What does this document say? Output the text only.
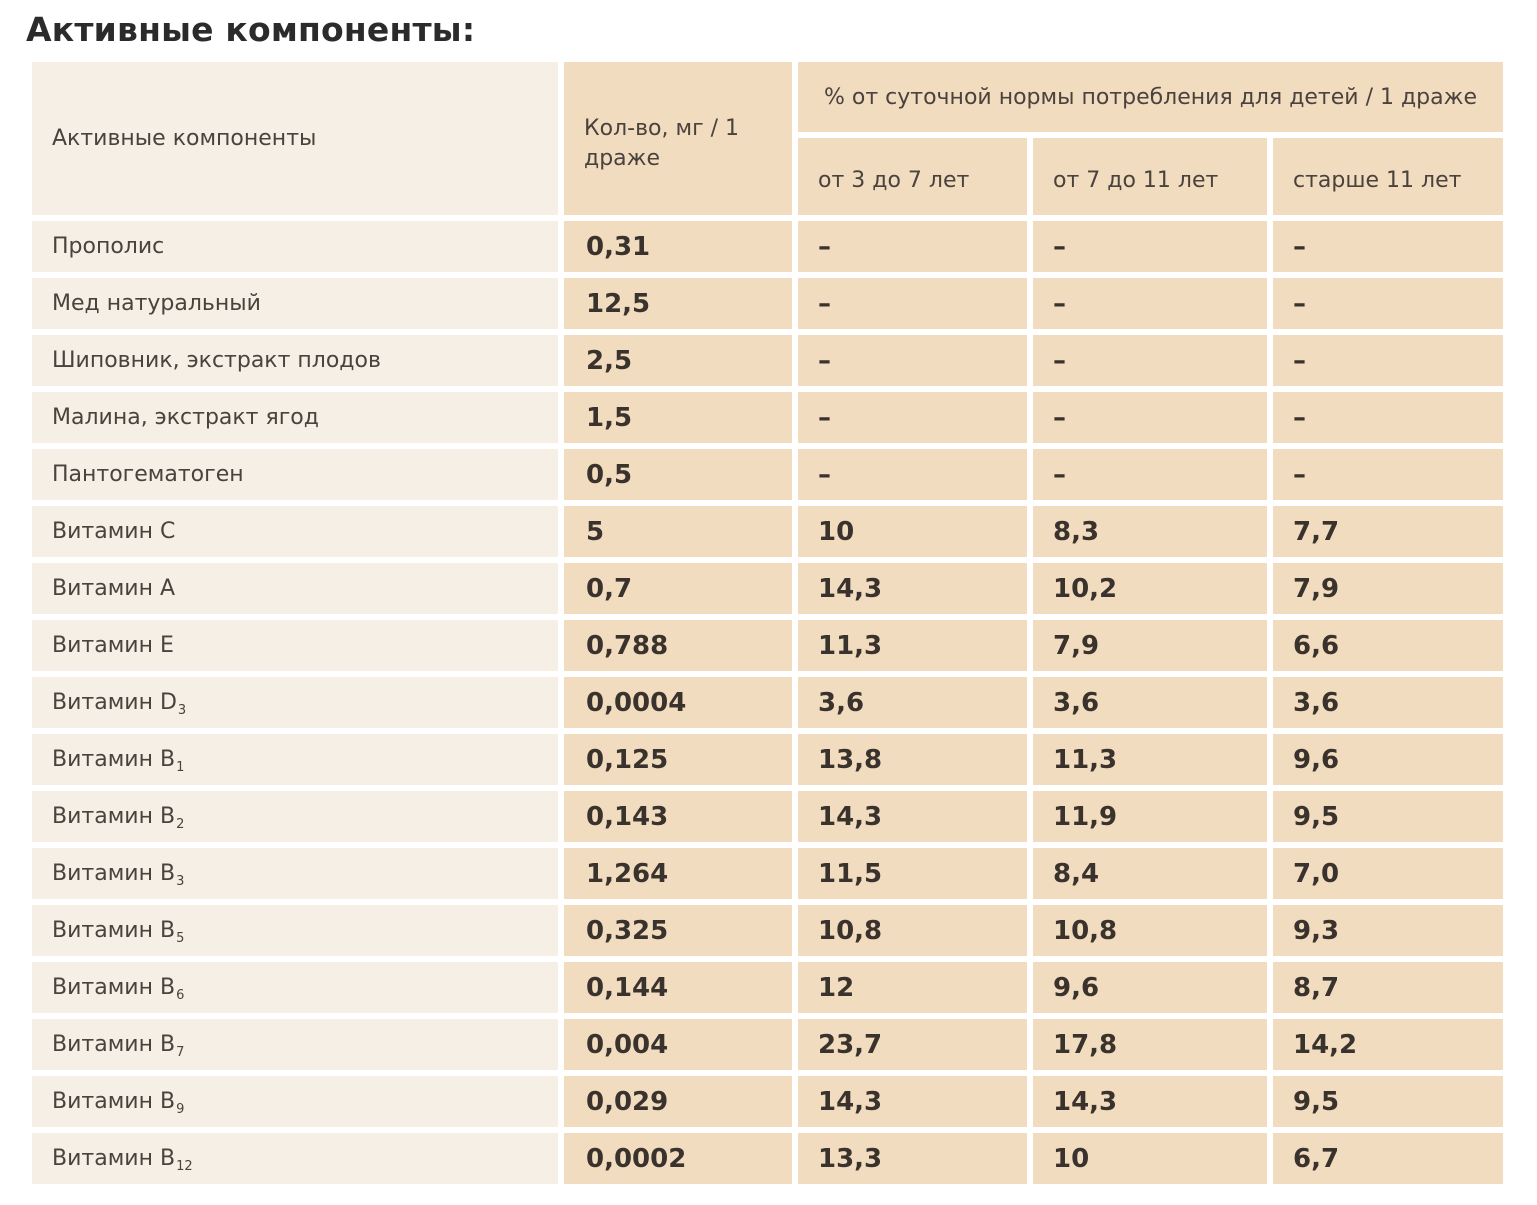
Активные компоненты:
Активные компоненты	Кол-во, мг / 1 драже
% от суточной нормы потребления для детей / 1 драже
от 3 до 7 лет	от 7 до 11 лет	старше 11 лет
Прополис	0,31	–	–	–
Мед натуральный	12,5	–	–	–
Шиповник, экстракт плодов	2,5	–	–	–
Малина, экстракт ягод	1,5	–	–	–
Пантогематоген	0,5	–	–	–
Витамин С	5	10	8,3	7,7
Витамин А	0,7	14,3	10,2	7,9
Витамин Е	0,788	11,3	7,9	6,6
Витамин D 3	0,0004	3,6	3,6	3,6
Витамин В 1	0,125	13,8	11,3	9,6
Витамин В 2	0,143	14,3	11,9	9,5
Витамин В 3	1,264	11,5	8,4	7,0
Витамин В 5	0,325	10,8	10,8	9,3
Витамин В 6	0,144	12	9,6	8,7
Витамин В 7	0,004	23,7	17,8	14,2
Витамин В 9	0,029	14,3	14,3	9,5
Витамин В 12	0,0002	13,3	10	6,7
